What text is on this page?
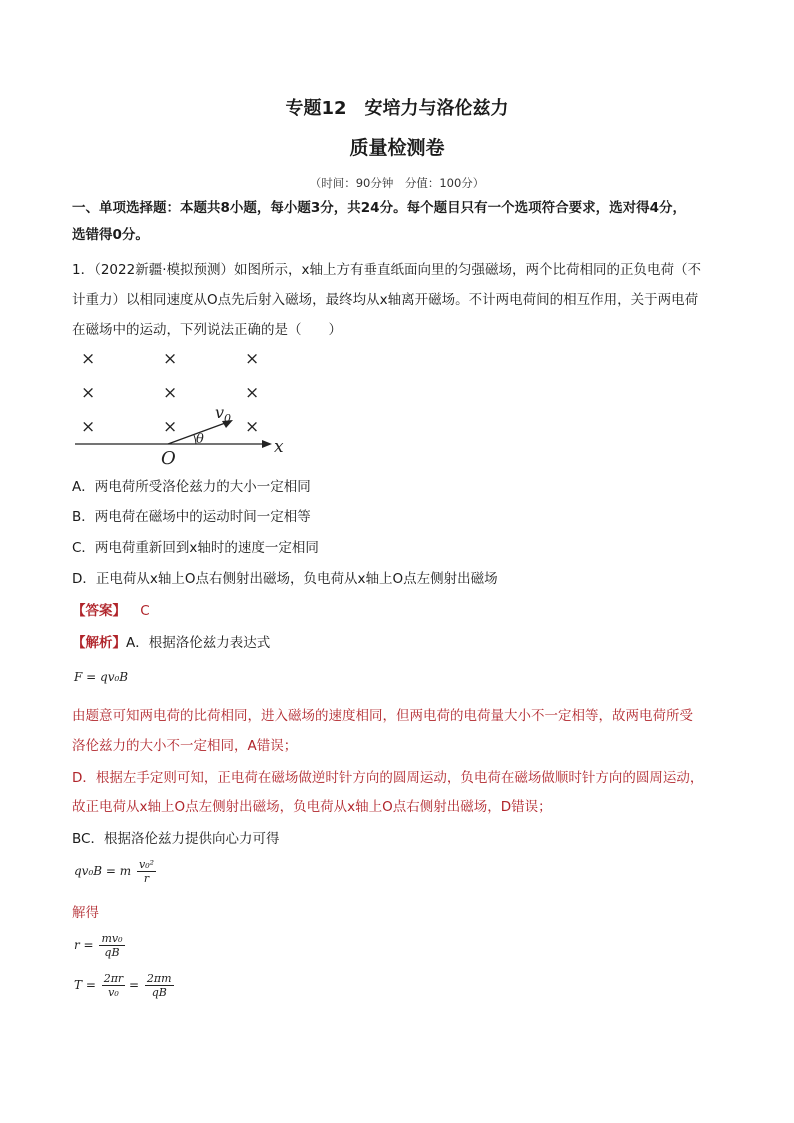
专题12　安培力与洛伦兹力
质量检测卷
（时间：90分钟　分值：100分）
一、单项选择题：本题共8小题，每小题3分，共24分。每个题目只有一个选项符合要求，选对得4分，
选错得0分。
1．（2022新疆·模拟预测）如图所示，x轴上方有垂直纸面向里的匀强磁场，两个比荷相同的正负电荷（不
计重力）以相同速度从O点先后射入磁场，最终均从x轴离开磁场。不计两电荷间的相互作用，关于两电荷
在磁场中的运动，下列说法正确的是（　　）
×	×	×
×	×	×
×	×	×
$v_0$
θ	x
O
A．两电荷所受洛伦兹力的大小一定相同
B．两电荷在磁场中的运动时间一定相等
C．两电荷重新回到x轴时的速度一定相同
D．正电荷从x轴上O点右侧射出磁场，负电荷从x轴上O点左侧射出磁场
【答案】 C
【解析】A．根据洛伦兹力表达式
F = qv₀B
由题意可知两电荷的比荷相同，进入磁场的速度相同，但两电荷的电荷量大小不一定相等，故两电荷所受
洛伦兹力的大小不一定相同，A错误；
D．根据左手定则可知，正电荷在磁场做逆时针方向的圆周运动，负电荷在磁场做顺时针方向的圆周运动，
故正电荷从x轴上O点左侧射出磁场，负电荷从x轴上O点右侧射出磁场，D错误；
BC．根据洛伦兹力提供向心力可得
qv₀B = m $\frac{\text{v₀²}}{r}$
解得
$r = \frac{\text{mv₀}}{qB}$
$T = \frac{2\pi r}{\text{v₀}} = \frac{2\pi m}{qB}$
